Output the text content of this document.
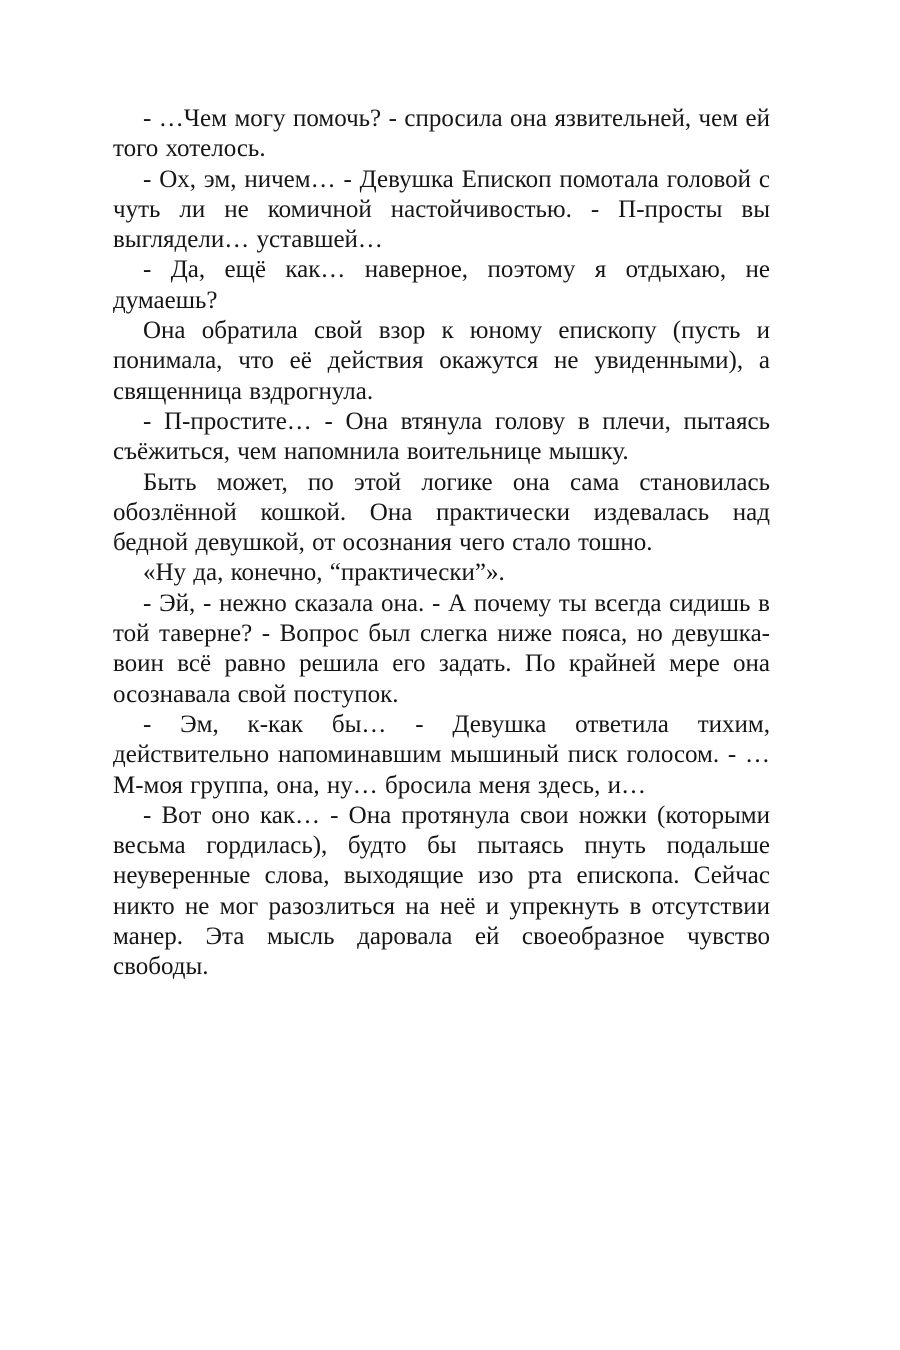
- …Чем могу помочь? - спросила она язвительней, чем ей того хотелось.

- Ох, эм, ничем… - Девушка Епископ помотала головой с чуть ли не комичной настойчивостью. - П-просты вы выглядели… уставшей…

- Да, ещё как… наверное, поэтому я отдыхаю, не думаешь?

Она обратила свой взор к юному епископу (пусть и понимала, что её действия окажутся не увиденными), а священница вздрогнула.

- П-простите… - Она втянула голову в плечи, пытаясь съёжиться, чем напомнила воительнице мышку.

Быть может, по этой логике она сама становилась обозлённой кошкой. Она практически издевалась над бедной девушкой, от осознания чего стало тошно.

«Ну да, конечно, “практически”».

- Эй, - нежно сказала она. - А почему ты всегда сидишь в той таверне? - Вопрос был слегка ниже пояса, но девушка-воин всё равно решила его задать. По крайней мере она осознавала свой поступок.

- Эм, к-как бы… - Девушка ответила тихим, действительно напоминавшим мышиный писк голосом. - …М-моя группа, она, ну… бросила меня здесь, и…

- Вот оно как… - Она протянула свои ножки (которыми весьма гордилась), будто бы пытаясь пнуть подальше неуверенные слова, выходящие изо рта епископа. Сейчас никто не мог разозлиться на неё и упрекнуть в отсутствии манер. Эта мысль даровала ей своеобразное чувство свободы.
